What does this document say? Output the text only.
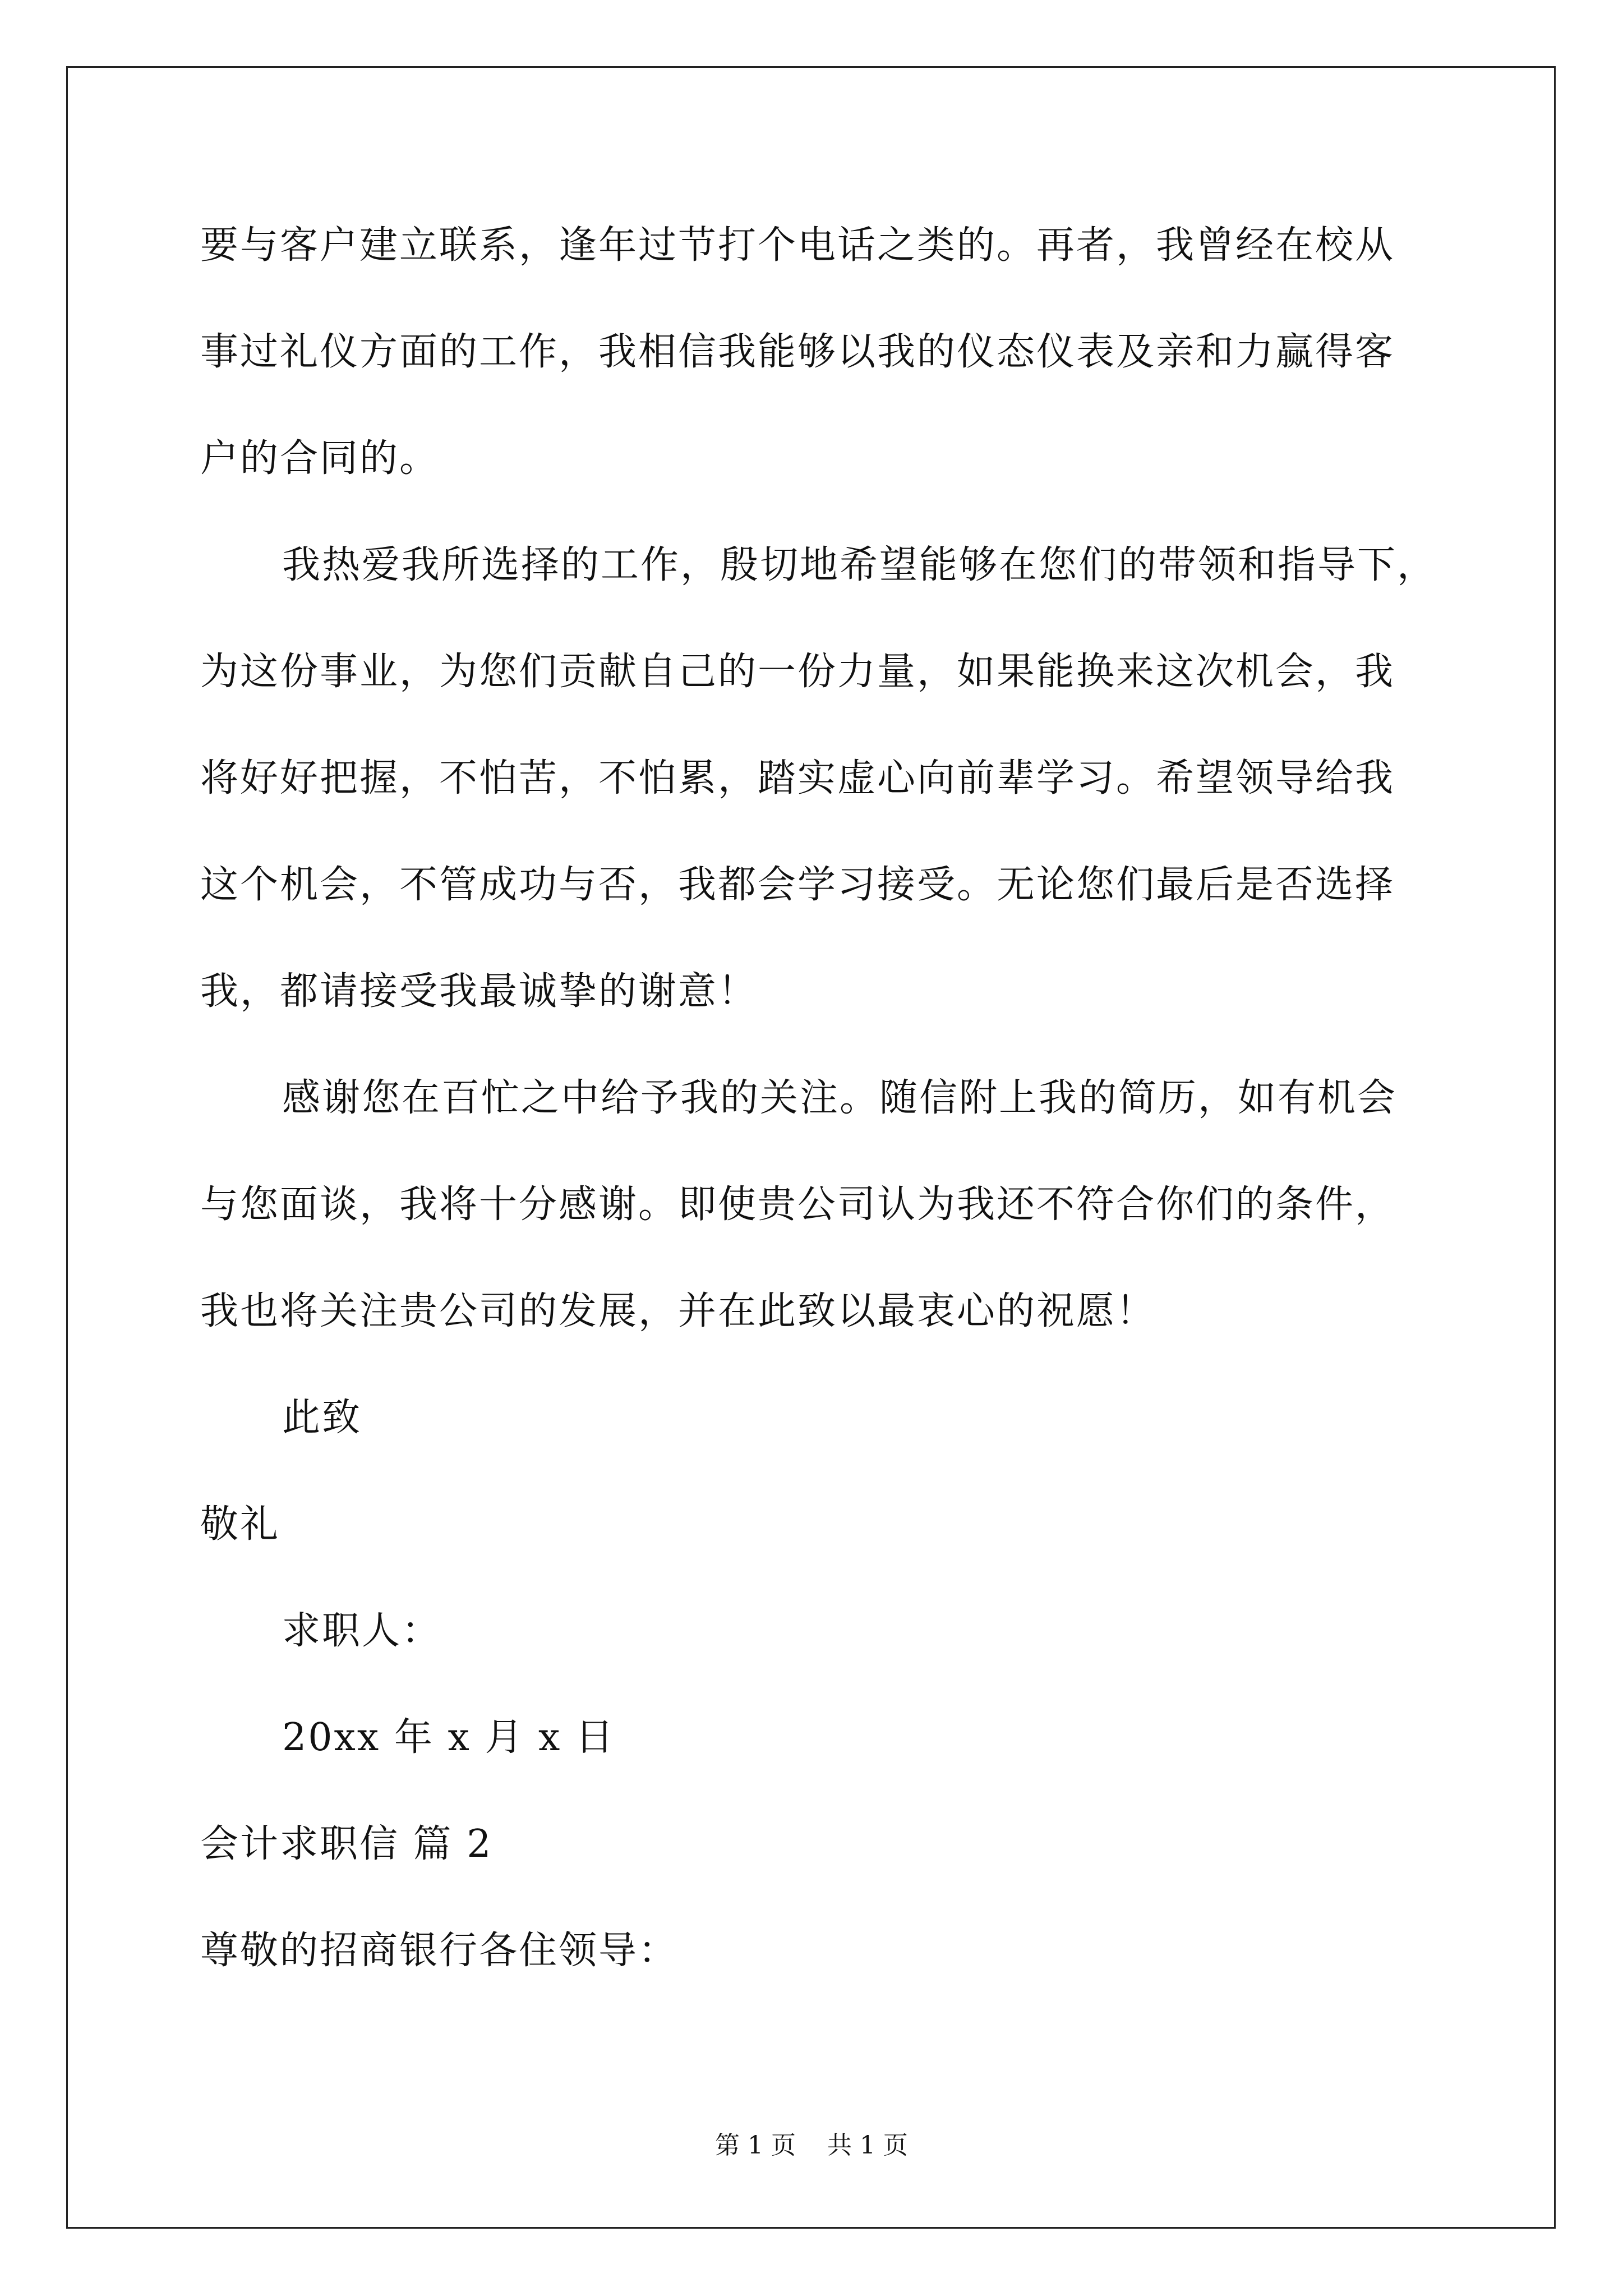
要与客户建立联系，逢年过节打个电话之类的。再者，我曾经在校从
事过礼仪方面的工作，我相信我能够以我的仪态仪表及亲和力赢得客
户的合同的。
我热爱我所选择的工作，殷切地希望能够在您们的带领和指导下，
为这份事业，为您们贡献自己的一份力量，如果能换来这次机会，我
将好好把握，不怕苦，不怕累，踏实虚心向前辈学习。希望领导给我
这个机会，不管成功与否，我都会学习接受。无论您们最后是否选择
我，都请接受我最诚挚的谢意！
感谢您在百忙之中给予我的关注。随信附上我的简历，如有机会
与您面谈，我将十分感谢。即使贵公司认为我还不符合你们的条件，
我也将关注贵公司的发展，并在此致以最衷心的祝愿！
此致
敬礼
求职人：
20xx 年 x 月 x 日
会计求职信 篇 2
尊敬的招商银行各住领导：
第 1 页    共 1 页
